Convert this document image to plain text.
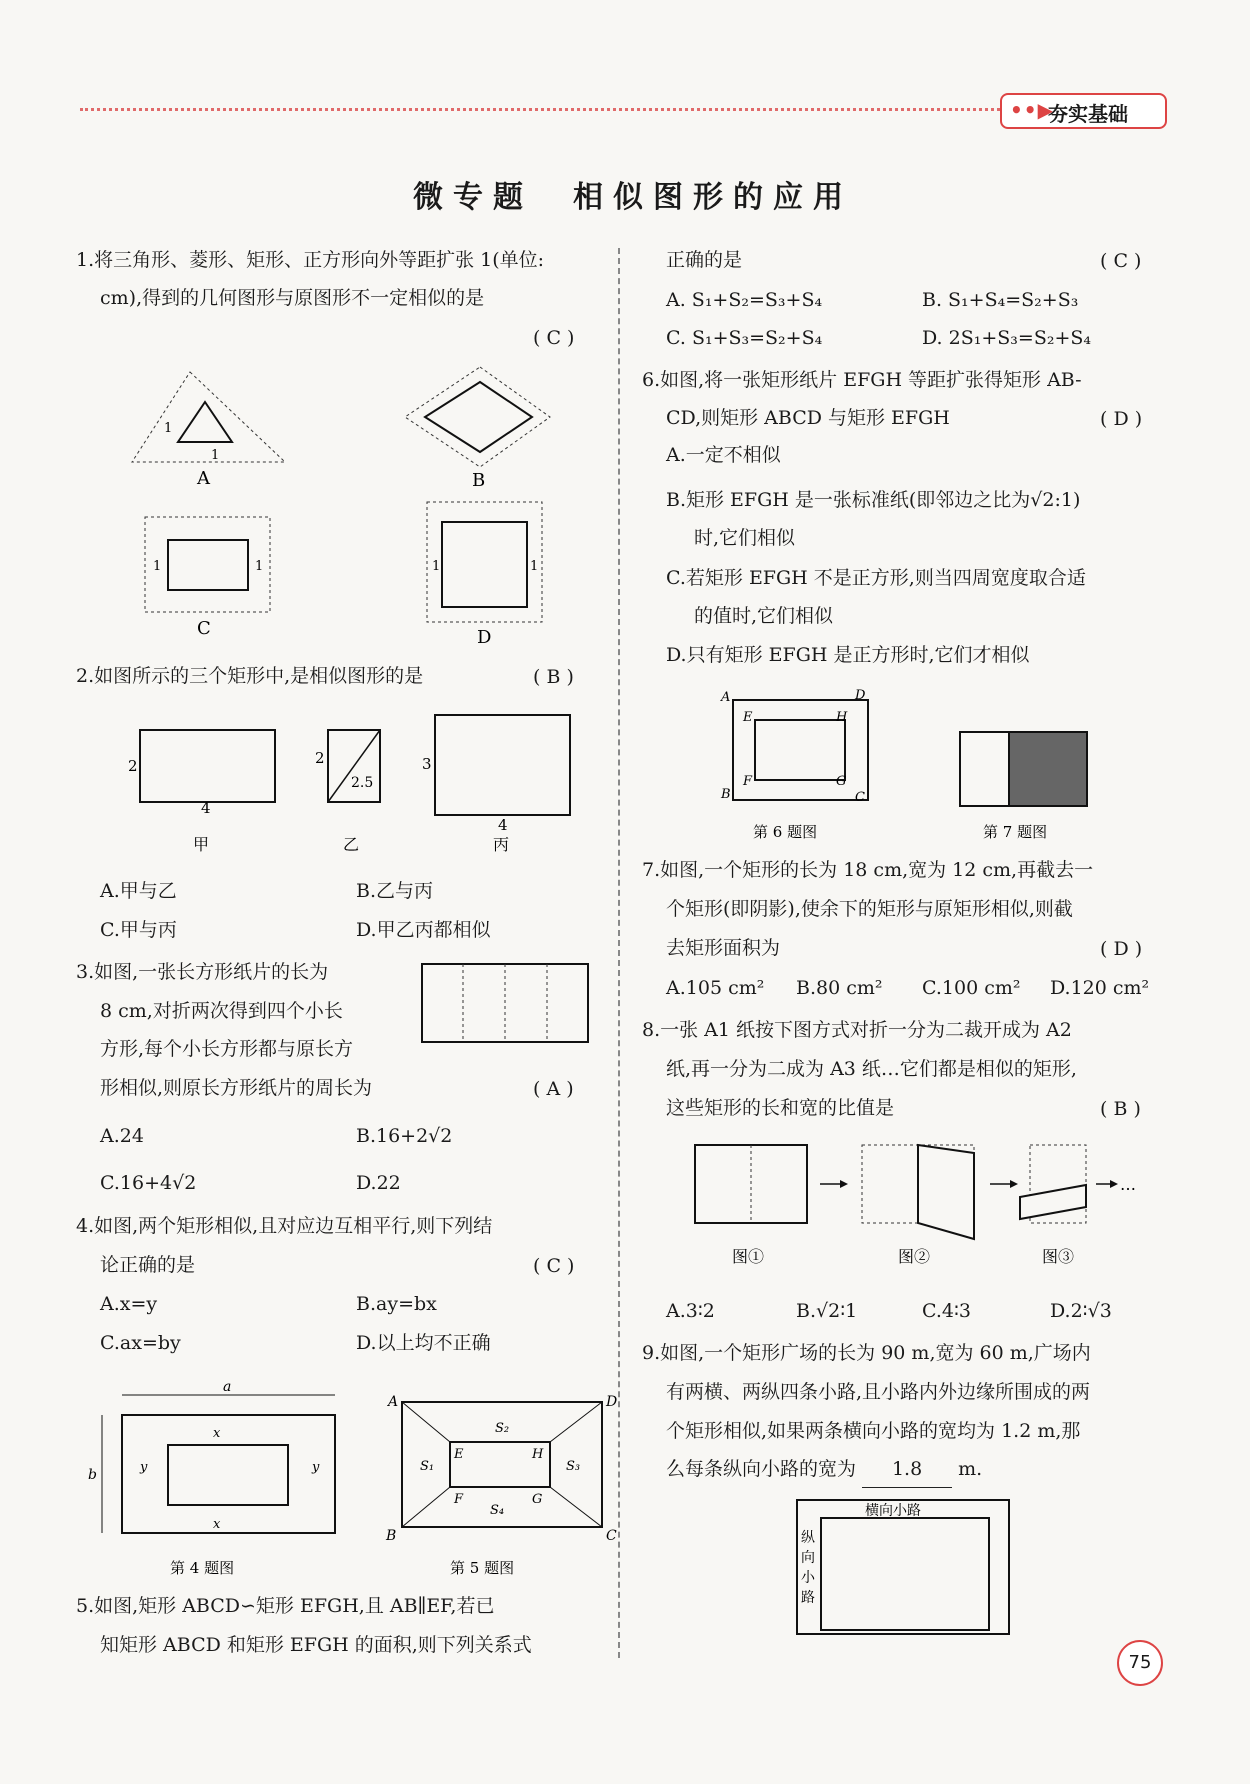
••▶
夯实基础
微专题　相似图形的应用
1.将三角形、菱形、矩形、正方形向外等距扩张 1(单位:
cm),得到的几何图形与原图形不一定相似的是
( C )
1
1
A	B
1	1
C
1	1
D
2.如图所示的三个矩形中,是相似图形的是	( B )
2
4
2
2.5
3
4
甲	乙	丙
A.甲与乙	B.乙与丙
C.甲与丙	D.甲乙丙都相似
3.如图,一张长方形纸片的长为
8 cm,对折两次得到四个小长
方形,每个小长方形都与原长方
形相似,则原长方形纸片的周长为	( A )
A.24	B.16+2√2
C.16+4√2	D.22
4.如图,两个矩形相似,且对应边互相平行,则下列结
论正确的是	( C )
A.x=y	B.ay=bx
C.ax=by	D.以上均不正确
a
b
x
x
y	y
第 4 题图
A
B	C
D
E
F	G
H
S₁
S₂
S₃
S₄
第 5 题图
5.如图,矩形 ABCD∽矩形 EFGH,且 AB∥EF,若已
知矩形 ABCD 和矩形 EFGH 的面积,则下列关系式
正确的是	( C )
A. S₁+S₂=S₃+S₄	B. S₁+S₄=S₂+S₃
C. S₁+S₃=S₂+S₄	D. 2S₁+S₃=S₂+S₄
6.如图,将一张矩形纸片 EFGH 等距扩张得矩形 AB-
CD,则矩形 ABCD 与矩形 EFGH	( D )
A.一定不相似
B.矩形 EFGH 是一张标准纸(即邻边之比为√2:1)
时,它们相似
C.若矩形 EFGH 不是正方形,则当四周宽度取合适
的值时,它们相似
D.只有矩形 EFGH 是正方形时,它们才相似
A
B	C
D
E
F	G
H
第 6 题图	第 7 题图
7.如图,一个矩形的长为 18 cm,宽为 12 cm,再截去一
个矩形(即阴影),使余下的矩形与原矩形相似,则截
去矩形面积为	( D )
A.105 cm² B.80 cm² C.100 cm² D.120 cm²
8.一张 A1 纸按下图方式对折一分为二裁开成为 A2
纸,再一分为二成为 A3 纸…它们都是相似的矩形,
这些矩形的长和宽的比值是	( B )
…
图①	图②	图③
A.3∶2	B.√2∶1	C.4∶3	D.2∶√3
9.如图,一个矩形广场的长为 90 m,宽为 60 m,广场内
有两横、两纵四条小路,且小路内外边缘所围成的两
个矩形相似,如果两条横向小路的宽均为 1.2 m,那
么每条纵向小路的宽为 1.8 m.
横向小路
纵
向
小
路
75
